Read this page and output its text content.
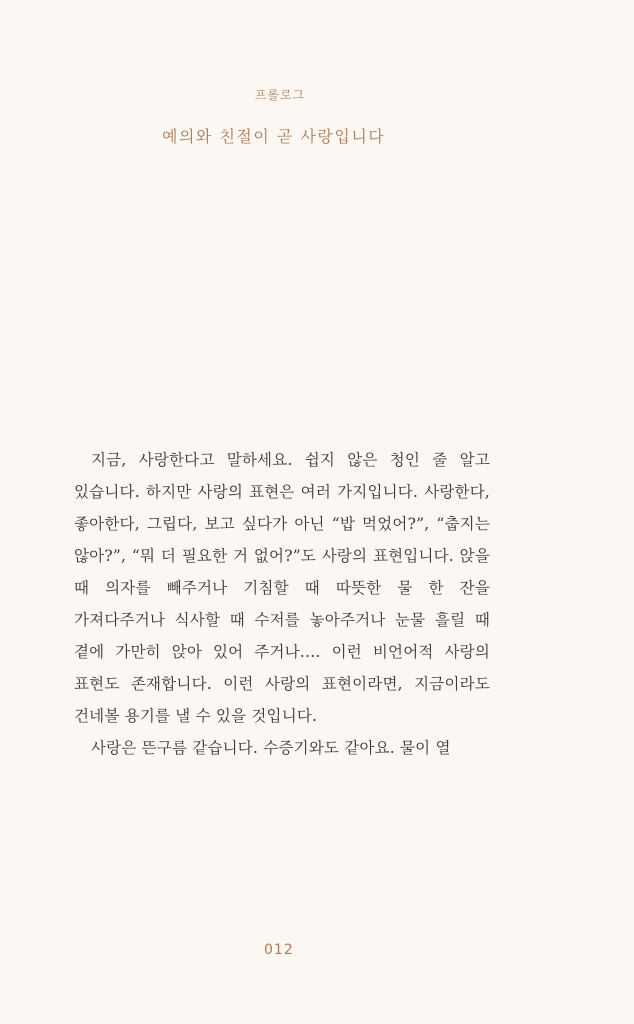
프롤로그
예의와 친절이 곧 사랑입니다

지금, 사랑한다고 말하세요. 쉽지 않은 청인 줄 알고 있습니다. 하지만 사랑의 표현은 여러 가지입니다. 사랑한다, 좋아한다, 그립다, 보고 싶다가 아닌 “밥 먹었어?”, “춥지는 않아?”, “뭐 더 필요한 거 없어?”도 사랑의 표현입니다. 앉을 때 의자를 빼주거나 기침할 때 따뜻한 물 한 잔을 가져다주거나 식사할 때 수저를 놓아주거나 눈물 흘릴 때 곁에 가만히 앉아 있어 주거나…. 이런 비언어적 사랑의 표현도 존재합니다. 이런 사랑의 표현이라면, 지금이라도 건네볼 용기를 낼 수 있을 것입니다.

사랑은 뜬구름 같습니다. 수증기와도 같아요. 물이 열

012
